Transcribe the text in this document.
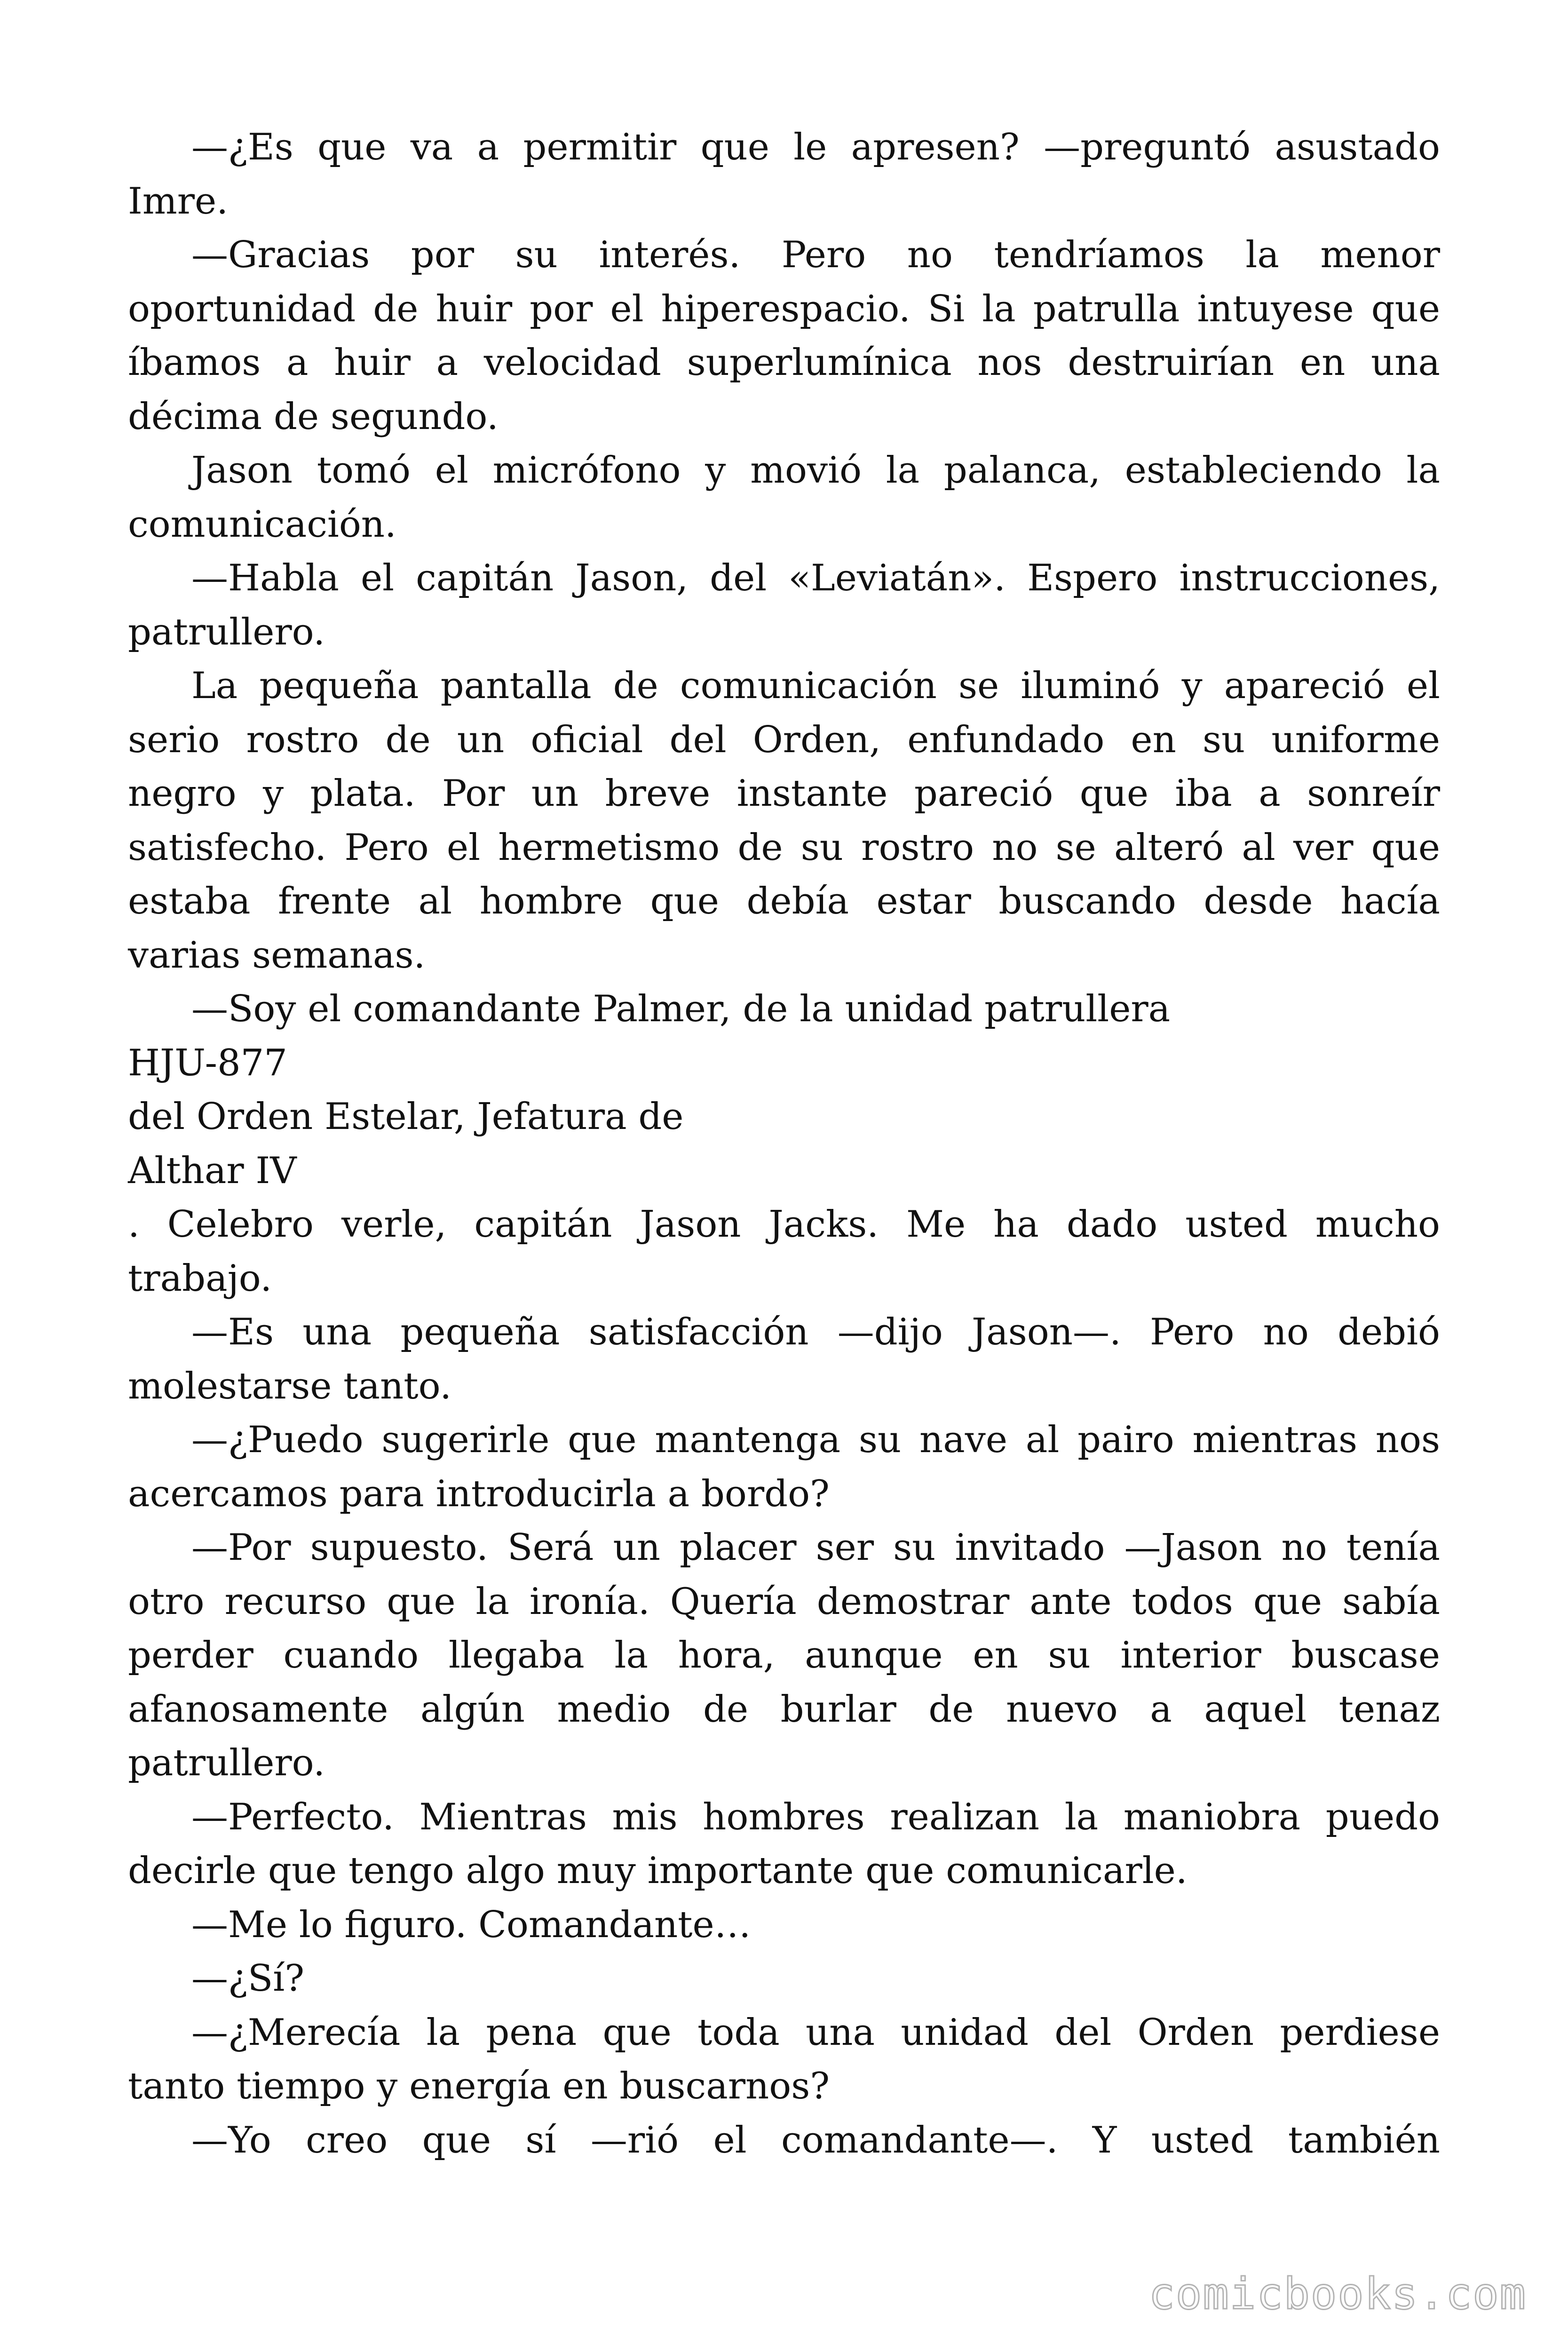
—¿Es que va a permitir que le apresen? —preguntó asustado
Imre.
—Gracias por su interés. Pero no tendríamos la menor
oportunidad de huir por el hiperespacio. Si la patrulla intuyese que
íbamos a huir a velocidad superlumínica nos destruirían en una
décima de segundo.
Jason tomó el micrófono y movió la palanca, estableciendo la
comunicación.
—Habla el capitán Jason, del «Leviatán». Espero instrucciones,
patrullero.
La pequeña pantalla de comunicación se iluminó y apareció el
serio rostro de un oficial del Orden, enfundado en su uniforme
negro y plata. Por un breve instante pareció que iba a sonreír
satisfecho. Pero el hermetismo de su rostro no se alteró al ver que
estaba frente al hombre que debía estar buscando desde hacía
varias semanas.
—Soy el comandante Palmer, de la unidad patrullera
HJU-877
del Orden Estelar, Jefatura de
Althar IV
. Celebro verle, capitán Jason Jacks. Me ha dado usted mucho
trabajo.
—Es una pequeña satisfacción —dijo Jason—. Pero no debió
molestarse tanto.
—¿Puedo sugerirle que mantenga su nave al pairo mientras nos
acercamos para introducirla a bordo?
—Por supuesto. Será un placer ser su invitado —Jason no tenía
otro recurso que la ironía. Quería demostrar ante todos que sabía
perder cuando llegaba la hora, aunque en su interior buscase
afanosamente algún medio de burlar de nuevo a aquel tenaz
patrullero.
—Perfecto. Mientras mis hombres realizan la maniobra puedo
decirle que tengo algo muy importante que comunicarle.
—Me lo figuro. Comandante…
—¿Sí?
—¿Merecía la pena que toda una unidad del Orden perdiese
tanto tiempo y energía en buscarnos?
—Yo creo que sí —rió el comandante—. Y usted también
comicbooks.com
